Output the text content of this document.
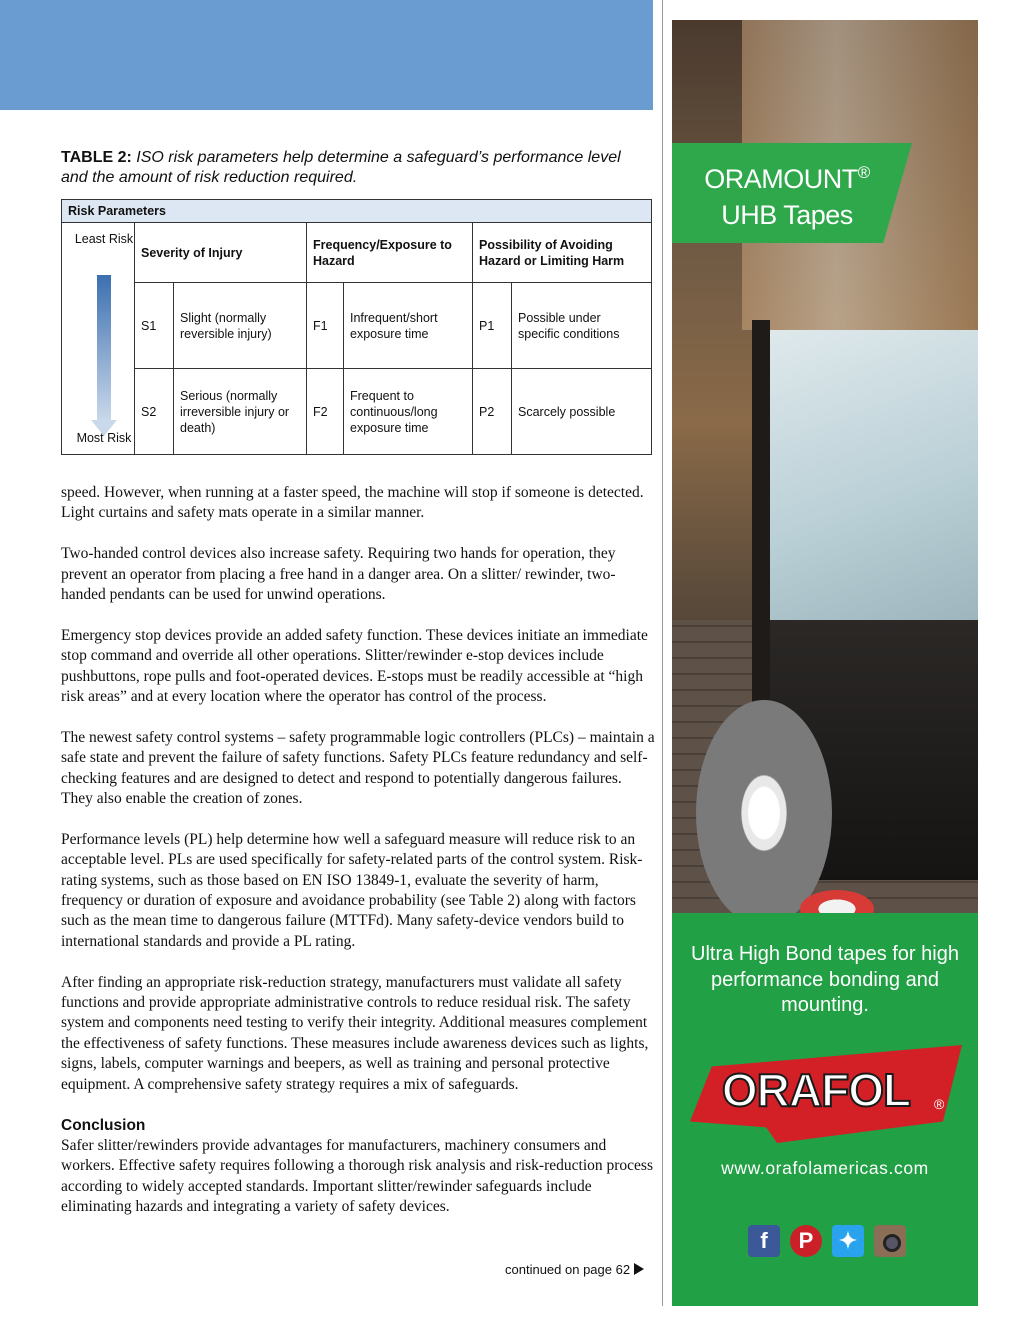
TABLE 2: ISO risk parameters help determine a safeguard’s performance level and the amount of risk reduction required.
Risk Parameters						

Least Risk
Most Risk	Severity of Injury		Frequency/Exposure to Hazard		Possibility of Avoiding Hazard or Limiting Harm	
	S1	Slight (normally reversible injury)	F1	Infrequent/short exposure time	P1	Possible under specific conditions
	S2	Serious (normally irreversible injury or death)	F2	Frequent to continuous/long exposure time	P2	Scarcely possible

speed. However, when running at a faster speed, the machine will stop if someone is detected. Light curtains and safety mats operate in a similar manner.

Two-handed control devices also increase safety. Requiring two hands for operation, they prevent an operator from placing a free hand in a danger area. On a slitter/ rewinder, two-handed pendants can be used for unwind operations.

Emergency stop devices provide an added safety function. These devices initiate an immediate stop command and override all other operations. Slitter/rewinder e-stop devices include pushbuttons, rope pulls and foot-operated devices. E-stops must be readily accessible at “high risk areas” and at every location where the operator has control of the process.

The newest safety control systems – safety programmable logic controllers (PLCs) – maintain a safe state and prevent the failure of safety functions. Safety PLCs feature redundancy and self-checking features and are designed to detect and respond to potentially dangerous failures. They also enable the creation of zones.

Performance levels (PL) help determine how well a safeguard measure will reduce risk to an acceptable level. PLs are used specifically for safety-related parts of the control system. Risk-rating systems, such as those based on EN ISO 13849-1, evaluate the severity of harm, frequency or duration of exposure and avoidance probability (see Table 2) along with factors such as the mean time to dangerous failure (MTTFd). Many safety-device vendors build to international standards and provide a PL rating.

After finding an appropriate risk-reduction strategy, manufacturers must validate all safety functions and provide appropriate administrative controls to reduce residual risk. The safety system and components need testing to verify their integrity. Additional measures complement the effectiveness of safety functions. These measures include awareness devices such as lights, signs, labels, computer warnings and beepers, as well as training and personal protective equipment. A comprehensive safety strategy requires a mix of safeguards.

Conclusion

Safer slitter/rewinders provide advantages for manufacturers, machinery consumers and workers. Effective safety requires following a thorough risk analysis and risk-reduction process according to widely accepted standards. Important slitter/rewinder safeguards include eliminating hazards and integrating a variety of safety devices.

continued on page 62
ORAMOUNT®
UHB Tapes
Ultra High Bond tapes for high performance bonding and mounting.
ORAFOL	®
www.orafolamericas.com
f	P	✦
